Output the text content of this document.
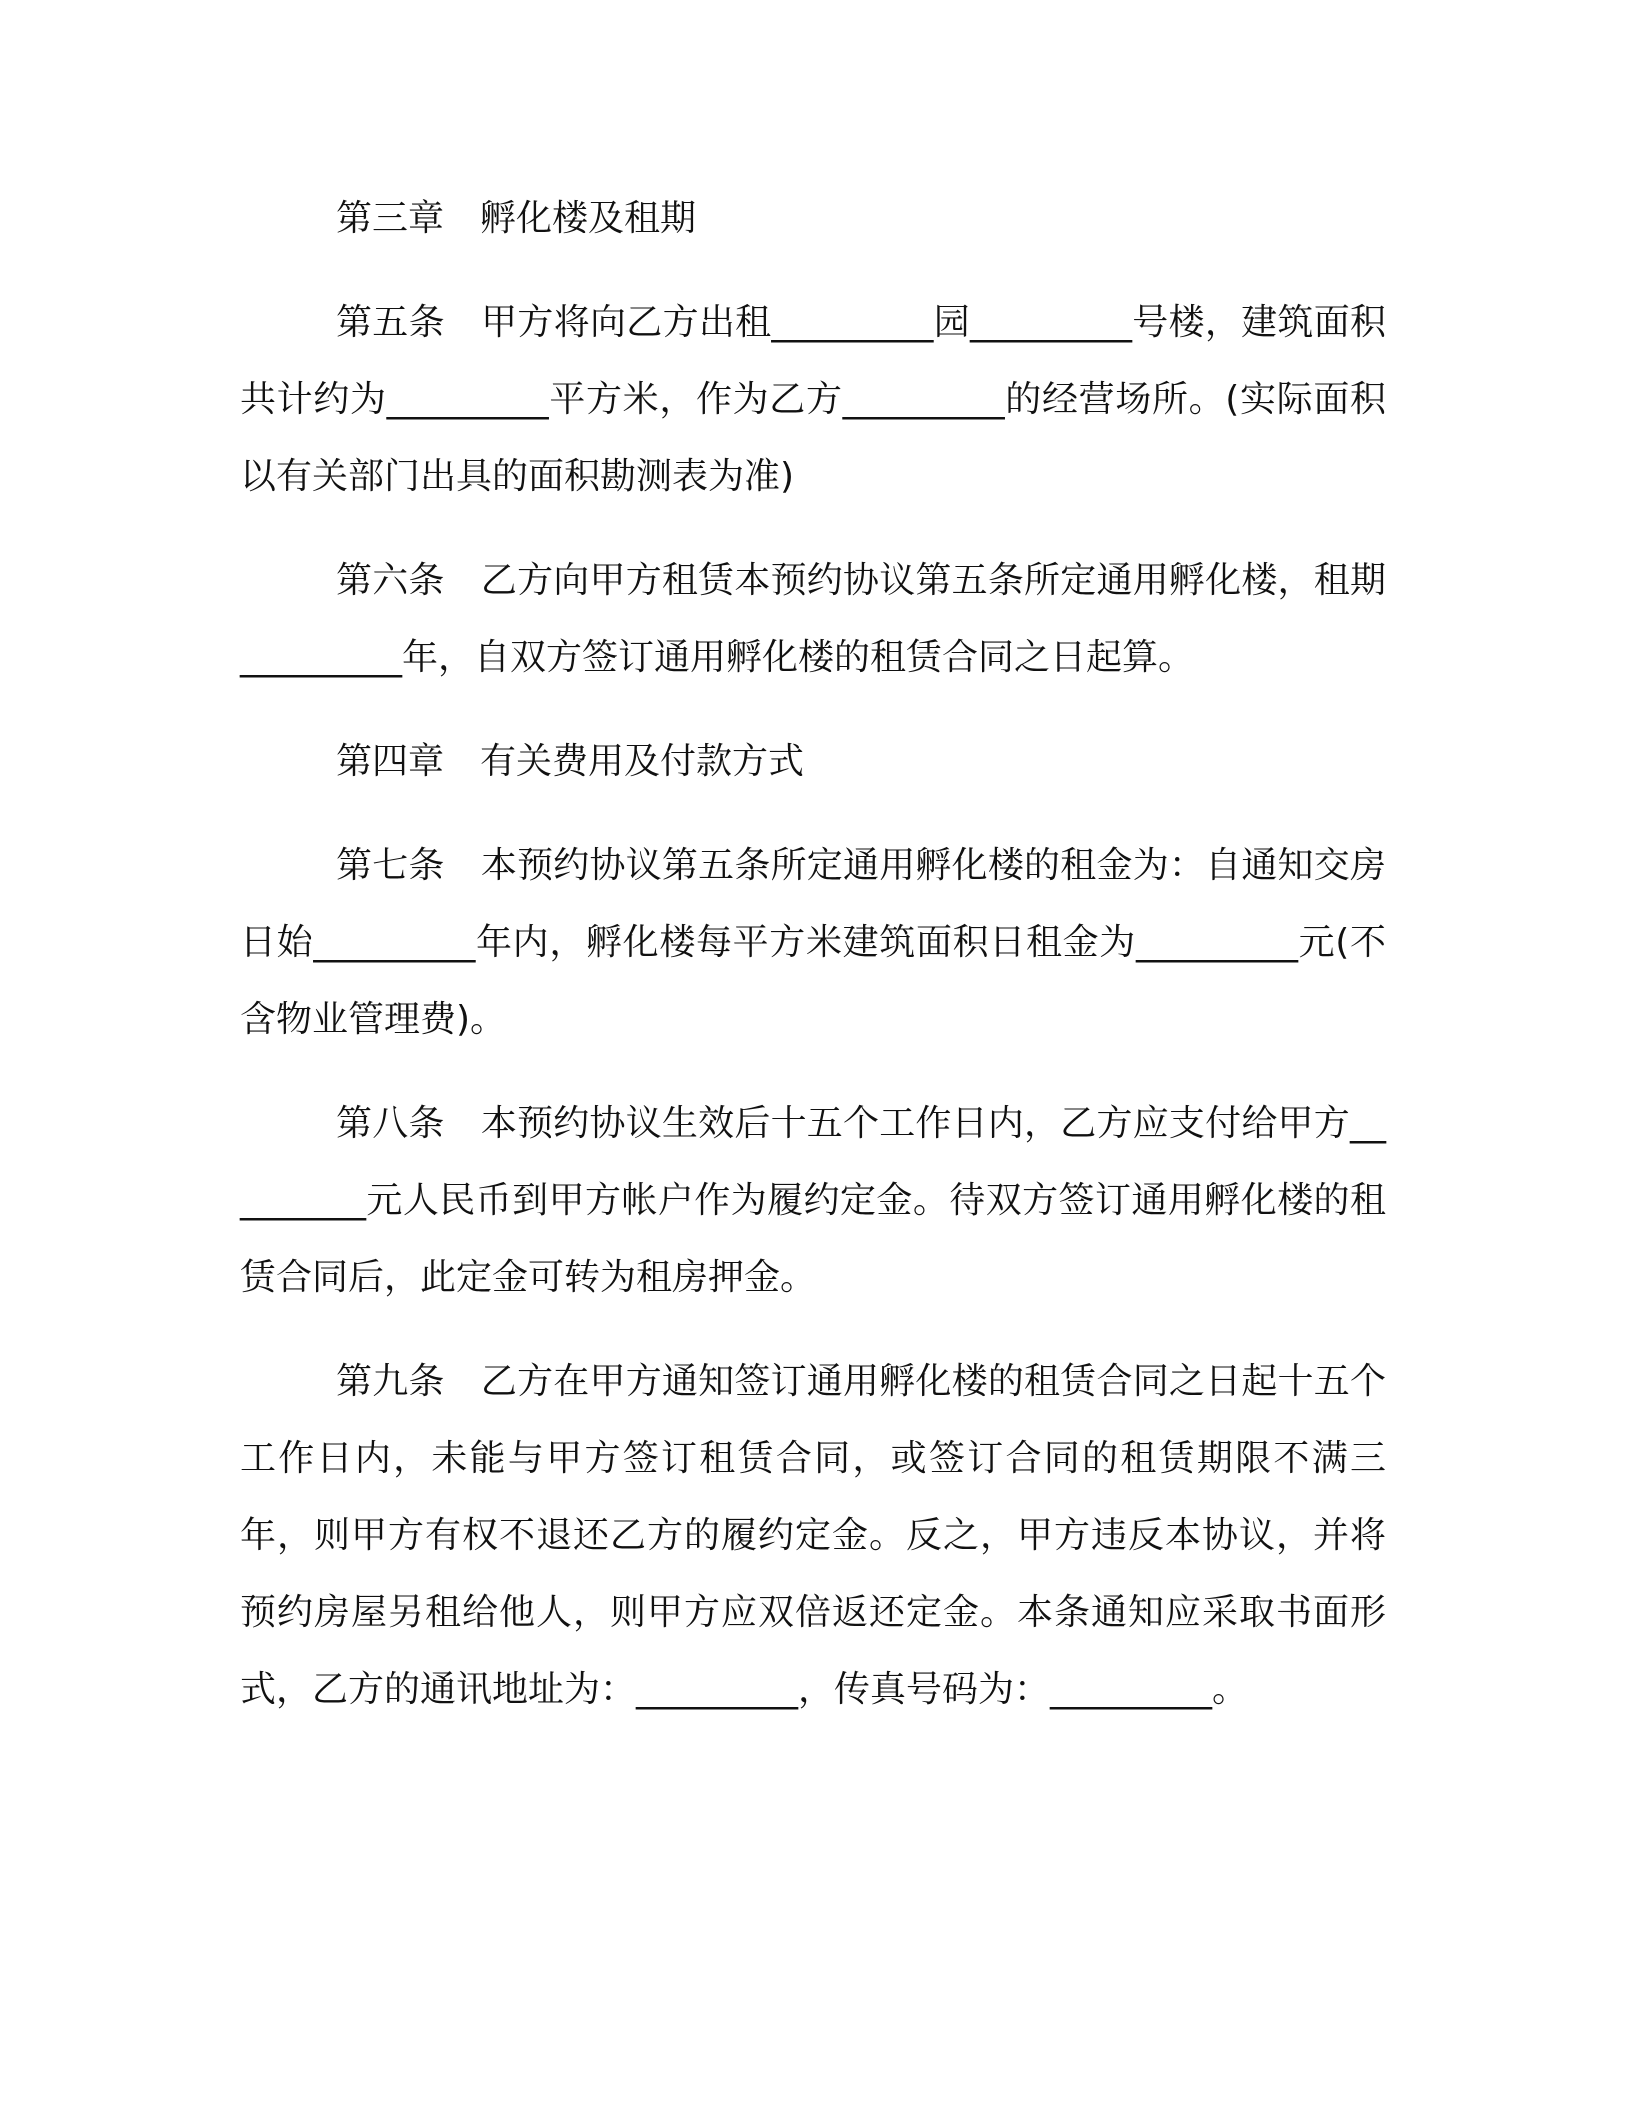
第三章　孵化楼及租期

第五条　甲方将向乙方出租_________园_________号楼，建筑面积共计约为_________平方米，作为乙方_________的经营场所。(实际面积以有关部门出具的面积勘测表为准)

第六条　乙方向甲方租赁本预约协议第五条所定通用孵化楼，租期_________年，自双方签订通用孵化楼的租赁合同之日起算。

第四章　有关费用及付款方式

第七条　本预约协议第五条所定通用孵化楼的租金为：自通知交房日始_________年内，孵化楼每平方米建筑面积日租金为_________元(不含物业管理费)。

第八条　本预约协议生效后十五个工作日内，乙方应支付给甲方_________元人民币到甲方帐户作为履约定金。待双方签订通用孵化楼的租赁合同后，此定金可转为租房押金。

第九条　乙方在甲方通知签订通用孵化楼的租赁合同之日起十五个工作日内，未能与甲方签订租赁合同，或签订合同的租赁期限不满三年，则甲方有权不退还乙方的履约定金。反之，甲方违反本协议，并将预约房屋另租给他人，则甲方应双倍返还定金。本条通知应采取书面形式，乙方的通讯地址为：_________，传真号码为：_________。
